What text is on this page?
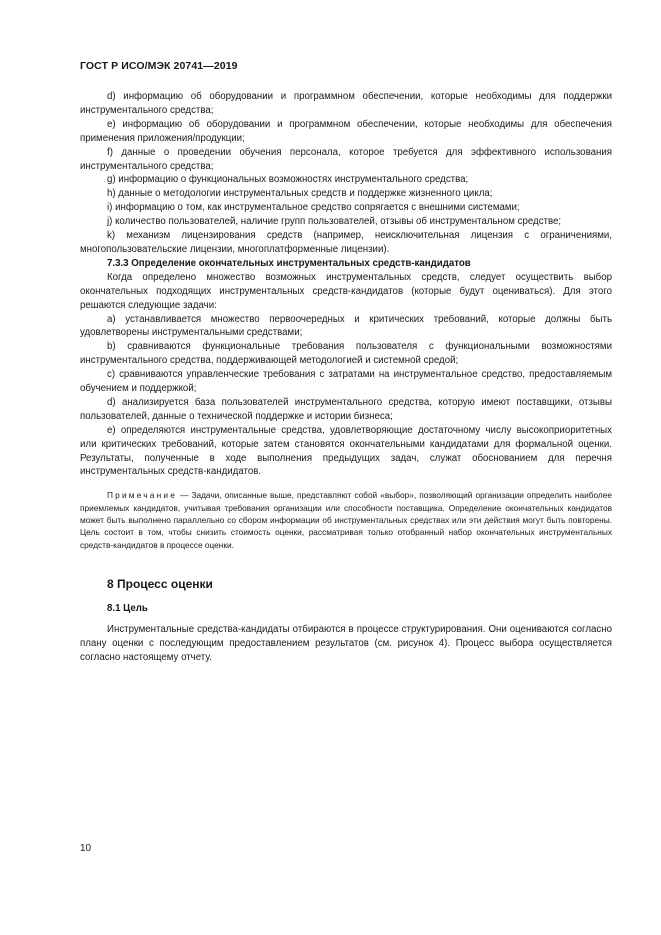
ГОСТ Р ИСО/МЭК 20741—2019

d) информацию об оборудовании и программном обеспечении, которые необходимы для поддержки инструментального средства;

e) информацию об оборудовании и программном обеспечении, которые необходимы для обеспечения применения приложения/продукции;

f) данные о проведении обучения персонала, которое требуется для эффективного использования инструментального средства;

g) информацию о функциональных возможностях инструментального средства;

h) данные о методологии инструментальных средств и поддержке жизненного цикла;

i) информацию о том, как инструментальное средство сопрягается с внешними системами;

j) количество пользователей, наличие групп пользователей, отзывы об инструментальном средстве;

k) механизм лицензирования средств (например, неисключительная лицензия с ограничениями, многопользовательские лицензии, многоплатформенные лицензии).

7.3.3 Определение окончательных инструментальных средств-кандидатов

Когда определено множество возможных инструментальных средств, следует осуществить выбор окончательных подходящих инструментальных средств-кандидатов (которые будут оцениваться). Для этого решаются следующие задачи:

a) устанавливается множество первоочередных и критических требований, которые должны быть удовлетворены инструментальными средствами;

b) сравниваются функциональные требования пользователя с функциональными возможностями инструментального средства, поддерживающей методологией и системной средой;

c) сравниваются управленческие требования с затратами на инструментальное средство, предоставляемым обучением и поддержкой;

d) анализируется база пользователей инструментального средства, которую имеют поставщики, отзывы пользователей, данные о технической поддержке и истории бизнеса;

e) определяются инструментальные средства, удовлетворяющие достаточному числу высокоприоритетных или критических требований, которые затем становятся окончательными кандидатами для формальной оценки. Результаты, полученные в ходе выполнения предыдущих задач, служат обоснованием для перечня инструментальных средств-кандидатов.

Примечание — Задачи, описанные выше, представляют собой «выбор», позволяющий организации определить наиболее приемлемых кандидатов, учитывая требования организации или способности поставщика. Определение окончательных кандидатов может быть выполнено параллельно со сбором информации об инструментальных средствах или эти действия могут быть повторены. Цель состоит в том, чтобы снизить стоимость оценки, рассматривая только отобранный набор окончательных инструментальных средств-кандидатов в процессе оценки.

8 Процесс оценки
8.1 Цель

Инструментальные средства-кандидаты отбираются в процессе структурирования. Они оцениваются согласно плану оценки с последующим предоставлением результатов (см. рисунок 4). Процесс выбора осуществляется согласно настоящему отчету.

10
